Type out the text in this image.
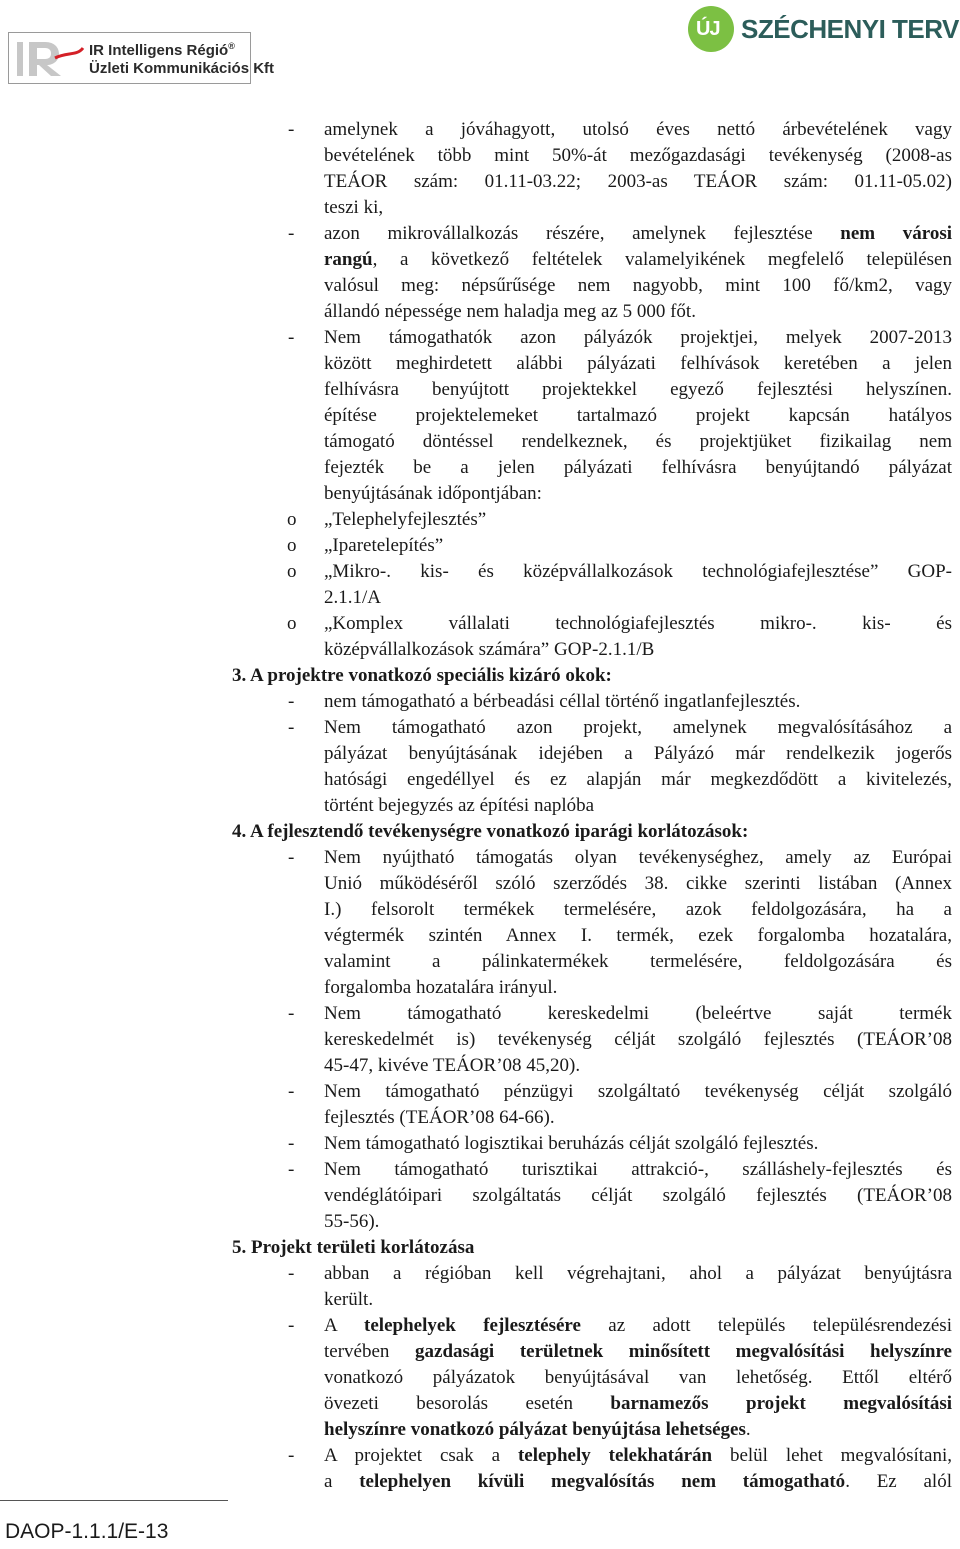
IR Intelligens Régió®
Üzleti Kommunikációs Kft
ÚJ SZÉCHENYI TERV
- amelynek a jóváhagyott, utolsó éves nettó árbevételének vagy
bevételének több mint 50%-át mezőgazdasági tevékenység (2008-as
TEÁOR szám: 01.11-03.22; 2003-as TEÁOR szám: 01.11-05.02)
teszi ki,
- azon mikrovállalkozás részére, amelynek fejlesztése nem városi
rangú, a következő feltételek valamelyikének megfelelő településen
valósul meg: népsűrűsége nem nagyobb, mint 100 fő/km2, vagy
állandó népessége nem haladja meg az 5 000 főt.
- Nem támogathatók azon pályázók projektjei, melyek 2007-2013
között meghirdetett alábbi pályázati felhívások keretében a jelen
felhívásra benyújtott projektekkel egyező fejlesztési helyszínen.
építése projektelemeket tartalmazó projekt kapcsán hatályos
támogató döntéssel rendelkeznek, és projektjüket fizikailag nem
fejezték be a jelen pályázati felhívásra benyújtandó pályázat
benyújtásának időpontjában:
o „Telephelyfejlesztés”
o „Iparetelepítés”
o „Mikro-. kis- és középvállalkozások technológiafejlesztése” GOP-
2.1.1/A
o „Komplex vállalati technológiafejlesztés mikro-. kis- és
középvállalkozások számára” GOP-2.1.1/B
3. A projektre vonatkozó speciális kizáró okok:
- nem támogatható a bérbeadási céllal történő ingatlanfejlesztés.
- Nem támogatható azon projekt, amelynek megvalósításához a
pályázat benyújtásának idejében a Pályázó már rendelkezik jogerős
hatósági engedéllyel és ez alapján már megkezdődött a kivitelezés,
történt bejegyzés az építési naplóba
4. A fejlesztendő tevékenységre vonatkozó iparági korlátozások:
- Nem nyújtható támogatás olyan tevékenységhez, amely az Európai
Unió működéséről szóló szerződés 38. cikke szerinti listában (Annex
I.) felsorolt termékek termelésére, azok feldolgozására, ha a
végtermék szintén Annex I. termék, ezek forgalomba hozatalára,
valamint a pálinkatermékek termelésére, feldolgozására és
forgalomba hozatalára irányul.
- Nem támogatható kereskedelmi (beleértve saját termék
kereskedelmét is) tevékenység célját szolgáló fejlesztés (TEÁOR’08
45-47, kivéve TEÁOR’08 45,20).
- Nem támogatható pénzügyi szolgáltató tevékenység célját szolgáló
fejlesztés (TEÁOR’08 64-66).
- Nem támogatható logisztikai beruházás célját szolgáló fejlesztés.
- Nem támogatható turisztikai attrakció-, szálláshely-fejlesztés és
vendéglátóipari szolgáltatás célját szolgáló fejlesztés (TEÁOR’08
55-56).
5. Projekt területi korlátozása
- abban a régióban kell végrehajtani, ahol a pályázat benyújtásra
került.
- A telephelyek fejlesztésére az adott település településrendezési
tervében gazdasági területnek minősített megvalósítási helyszínre
vonatkozó pályázatok benyújtásával van lehetőség. Ettől eltérő
övezeti besorolás esetén barnamezős projekt megvalósítási
helyszínre vonatkozó pályázat benyújtása lehetséges.
- A projektet csak a telephely telekhatárán belül lehet megvalósítani,
a telephelyen kívüli megvalósítás nem támogatható. Ez alól
DAOP-1.1.1/E-13
